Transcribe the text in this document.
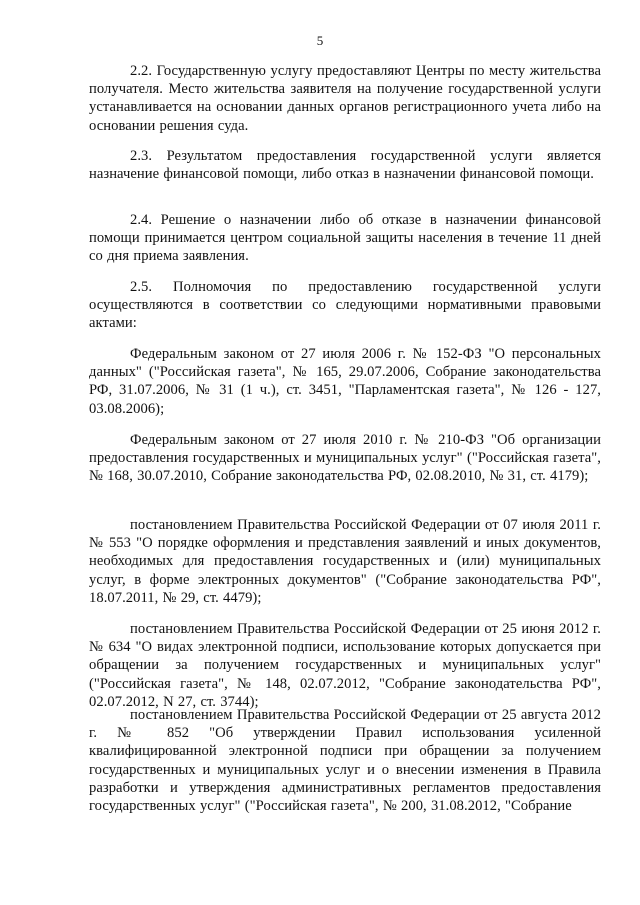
5

2.2. Государственную услугу предоставляют Центры по месту жительства получателя. Место жительства заявителя на получение государственной услуги устанавливается на основании данных органов регистрационного учета либо на основании решения суда.

2.3. Результатом предоставления государственной услуги является назначение финансовой помощи, либо отказ в назначении финансовой помощи.

2.4. Решение о назначении либо об отказе в назначении финансовой помощи принимается центром социальной защиты населения в течение 11 дней со дня приема заявления.

2.5. Полномочия по предоставлению государственной услуги осуществляются в соответствии со следующими нормативными правовыми актами:

Федеральным законом от 27 июля 2006 г. № 152-ФЗ "О персональных данных" ("Российская газета", № 165, 29.07.2006, Собрание законодательства РФ, 31.07.2006, № 31 (1 ч.), ст. 3451, "Парламентская газета", № 126 - 127, 03.08.2006);

Федеральным законом от 27 июля 2010 г. № 210-ФЗ "Об организации предоставления государственных и муниципальных услуг" ("Российская газета", № 168, 30.07.2010, Собрание законодательства РФ, 02.08.2010, № 31, ст. 4179);

постановлением Правительства Российской Федерации от 07 июля 2011 г. № 553 "О порядке оформления и представления заявлений и иных документов, необходимых для предоставления государственных и (или) муниципальных услуг, в форме электронных документов" ("Собрание законодательства РФ", 18.07.2011, № 29, ст. 4479);

постановлением Правительства Российской Федерации от 25 июня 2012 г. № 634 "О видах электронной подписи, использование которых допускается при обращении за получением государственных и муниципальных услуг" ("Российская газета", № 148, 02.07.2012, "Собрание законодательства РФ", 02.07.2012, N 27, ст. 3744);

постановлением Правительства Российской Федерации от 25 августа 2012 г. № 852 "Об утверждении Правил использования усиленной квалифицированной электронной подписи при обращении за получением государственных и муниципальных услуг и о внесении изменения в Правила разработки и утверждения административных регламентов предоставления государственных услуг" ("Российская газета", № 200, 31.08.2012, "Собрание
